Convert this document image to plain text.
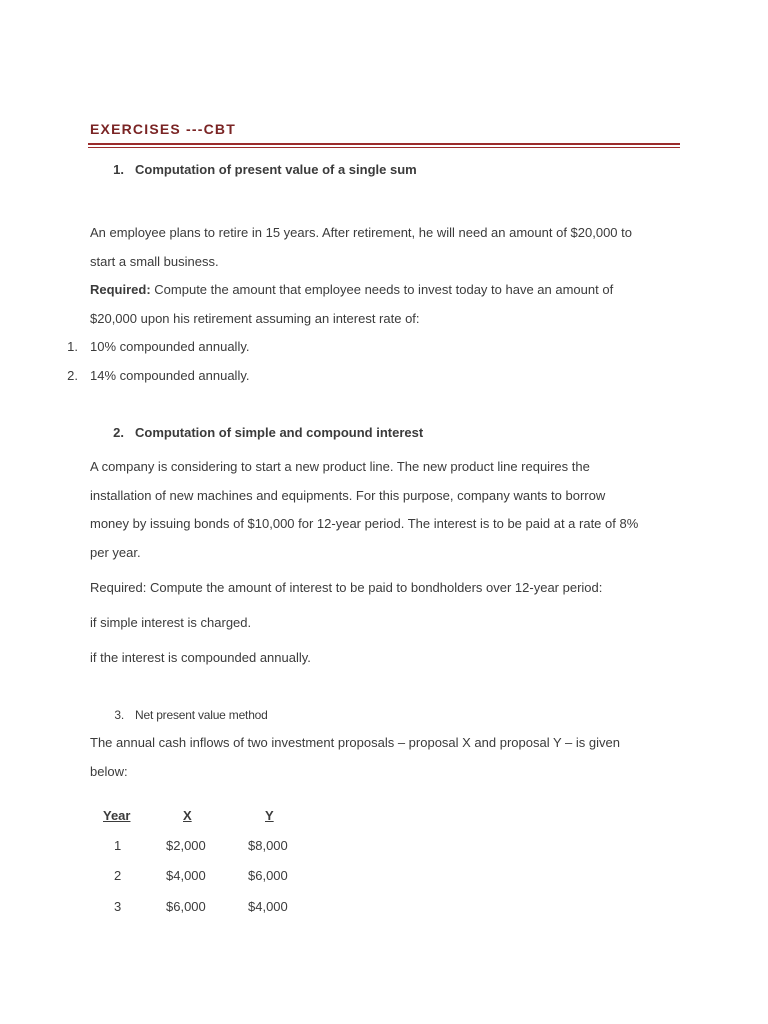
EXERCISES ---CBT
1. Computation of present value of a single sum
An employee plans to retire in 15 years. After retirement, he will need an amount of $20,000 to
start a small business.
Required: Compute the amount that employee needs to invest today to have an amount of
$20,000 upon his retirement assuming an interest rate of:
1. 10% compounded annually.
2. 14% compounded annually.
2. Computation of simple and compound interest
A company is considering to start a new product line. The new product line requires the
installation of new machines and equipments. For this purpose, company wants to borrow
money by issuing bonds of $10,000 for 12-year period. The interest is to be paid at a rate of 8%
per year.
Required: Compute the amount of interest to be paid to bondholders over 12-year period:
if simple interest is charged.
if the interest is compounded annually.
3. Net present value method
The annual cash inflows of two investment proposals – proposal X and proposal Y – is given
below:
Year	X	Y
1	$2,000	$8,000
2	$4,000	$6,000
3	$6,000	$4,000
